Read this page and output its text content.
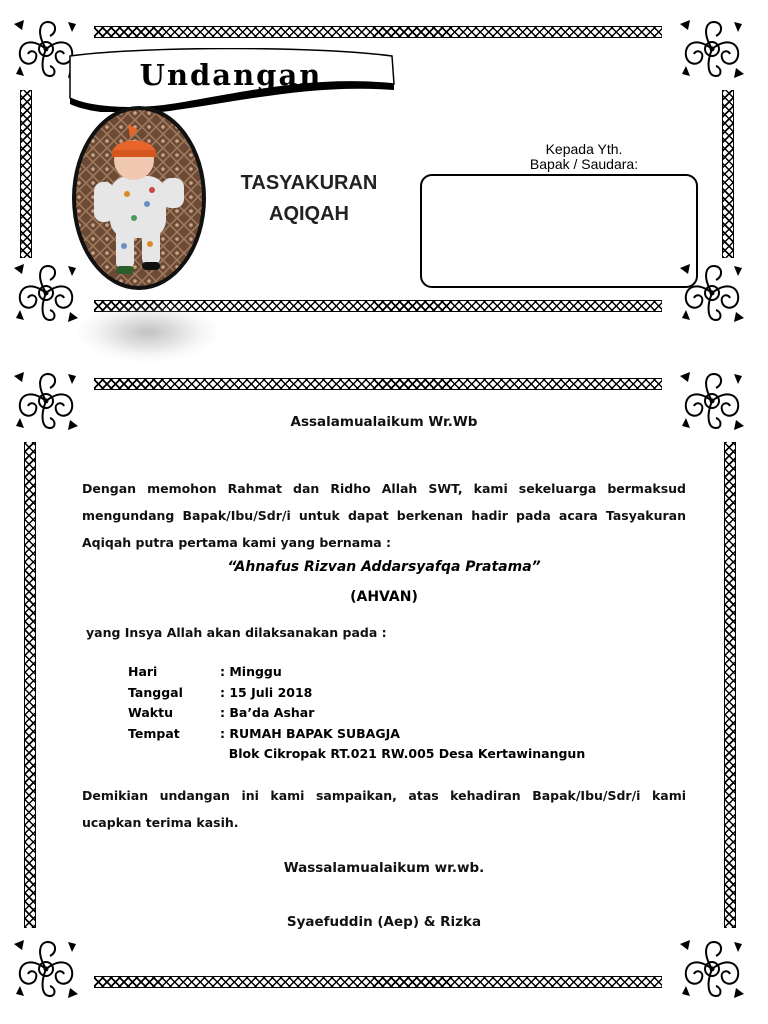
Undangan
TASYAKURAN
AQIQAH
Kepada Yth.
Bapak / Saudara:
Assalamualaikum Wr.Wb
Dengan memohon Rahmat dan Ridho Allah SWT, kami sekeluarga bermaksud mengundang Bapak/Ibu/Sdr/i untuk dapat berkenan hadir pada acara Tasyakuran Aqiqah putra pertama kami yang bernama :
“Ahnafus Rizvan Addarsyafqa Pratama”
(AHVAN)
yang Insya Allah akan dilaksanakan pada :
Hari	: Minggu
Tanggal	: 15 Juli 2018
Waktu	: Ba’da Ashar
Tempat	: RUMAH BAPAK SUBAGJA
Blok Cikropak RT.021 RW.005 Desa Kertawinangun
Demikian undangan ini kami sampaikan, atas kehadiran Bapak/Ibu/Sdr/i kami ucapkan terima kasih.
Wassalamualaikum wr.wb.
Syaefuddin (Aep) & Rizka
